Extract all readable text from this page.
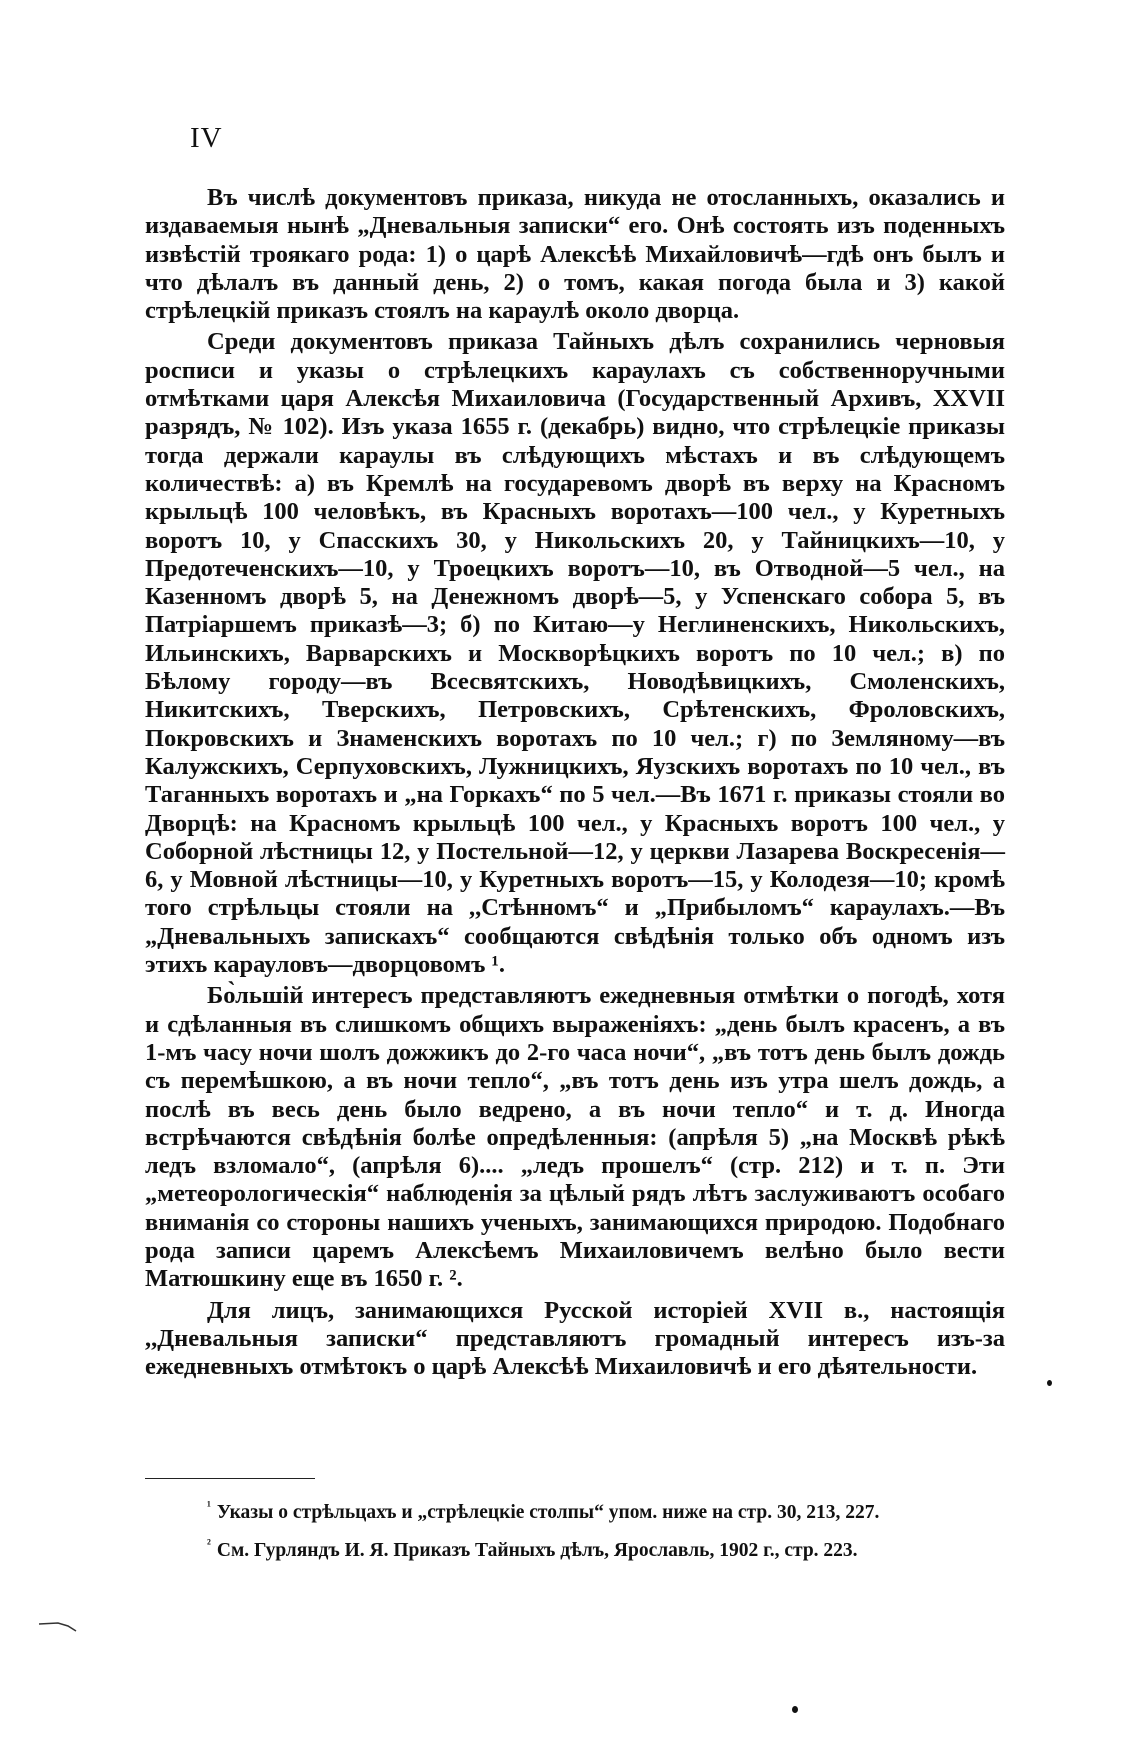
IV

Въ числѣ документовъ приказа, никуда не отосланныхъ, оказались и издаваемыя нынѣ „Дневальныя записки“ его. Онѣ состоять изъ поденныхъ извѣстій троякаго рода: 1) о царѣ Алексѣѣ Михайловичѣ—гдѣ онъ былъ и что дѣлалъ въ данный день, 2) о томъ, какая погода была и 3) какой стрѣлецкій приказъ стоялъ на караулѣ около дворца.

Среди документовъ приказа Тайныхъ дѣлъ сохранились черновыя росписи и указы о стрѣлецкихъ караулахъ съ собственноручными отмѣтками царя Алексѣя Михаиловича (Государственный Архивъ, XXVII разрядъ, № 102). Изъ указа 1655 г. (декабрь) видно, что стрѣлецкіе приказы тогда держали караулы въ слѣдующихъ мѣстахъ и въ слѣдующемъ количествѣ: а) въ Кремлѣ на государевомъ дворѣ въ верху на Красномъ крыльцѣ 100 человѣкъ, въ Красныхъ воротахъ—100 чел., у Куретныхъ воротъ 10, у Спасскихъ 30, у Никольскихъ 20, у Тайницкихъ—10, у Предотеченскихъ—10, у Троецкихъ воротъ—10, въ Отводной—5 чел., на Казенномъ дворѣ 5, на Денежномъ дворѣ—5, у Успенскаго собора 5, въ Патріаршемъ приказѣ—3; б) по Китаю—у Неглиненскихъ, Никольскихъ, Ильинскихъ, Варварскихъ и Москворѣцкихъ воротъ по 10 чел.; в) по Бѣлому городу—въ Всесвятскихъ, Новодѣвицкихъ, Смоленскихъ, Никитскихъ, Тверскихъ, Петровскихъ, Срѣтенскихъ, Фроловскихъ, Покровскихъ и Знаменскихъ воротахъ по 10 чел.; г) по Земляному—въ Калужскихъ, Серпуховскихъ, Лужницкихъ, Яузскихъ воротахъ по 10 чел., въ Таганныхъ воротахъ и „на Горкахъ“ по 5 чел.—Въ 1671 г. приказы стояли во Дворцѣ: на Красномъ крыльцѣ 100 чел., у Красныхъ воротъ 100 чел., у Соборной лѣстницы 12, у Постельной—12, у церкви Лазарева Воскресенія—6, у Мовной лѣстницы—10, у Куретныхъ воротъ—15, у Колодезя—10; кромѣ того стрѣльцы стояли на ,,Стѣнномъ“ и „Прибыломъ“ караулахъ.—Въ „Дневальныхъ запискахъ“ сообщаются свѣдѣнія только объ одномъ изъ этихъ карауловъ—дворцовомъ ¹.

Бо̀льшій интересъ представляютъ ежедневныя отмѣтки о погодѣ, хотя и сдѣланныя въ слишкомъ общихъ выраженіяхъ: „день былъ красенъ, а въ 1-мъ часу ночи шолъ дожжикъ до 2-го часа ночи“, „въ тотъ день былъ дождь съ перемѣшкою, а въ ночи тепло“, „въ тотъ день изъ утра шелъ дождь, а послѣ въ весь день было ведрено, а въ ночи тепло“ и т. д. Иногда встрѣчаются свѣдѣнія болѣе опредѣленныя: (апрѣля 5) „на Москвѣ рѣкѣ ледъ взломало“, (апрѣля 6).... „ледъ прошелъ“ (стр. 212) и т. п. Эти „метеорологическія“ наблюденія за цѣлый рядъ лѣтъ заслуживаютъ особаго вниманія со стороны нашихъ ученыхъ, занимающихся природою. Подобнаго рода записи царемъ Алексѣемъ Михаиловичемъ велѣно было вести Матюшкину еще въ 1650 г. ².

Для лицъ, занимающихся Русской исторіей XVII в., настоящія ,,Дневальныя записки“ представляютъ громадный интересъ изъ-за ежедневныхъ отмѣтокъ о царѣ Алексѣѣ Михаиловичѣ и его дѣятельности.

$^{^1}$ Указы о стрѣльцахъ и „стрѣлецкіе столпы“ упом. ниже на стр. 30, 213, 227.

$^{^2}$ См. Гурляндъ И. Я. Приказъ Тайныхъ дѣлъ, Ярославль, 1902 г., стр. 223.
